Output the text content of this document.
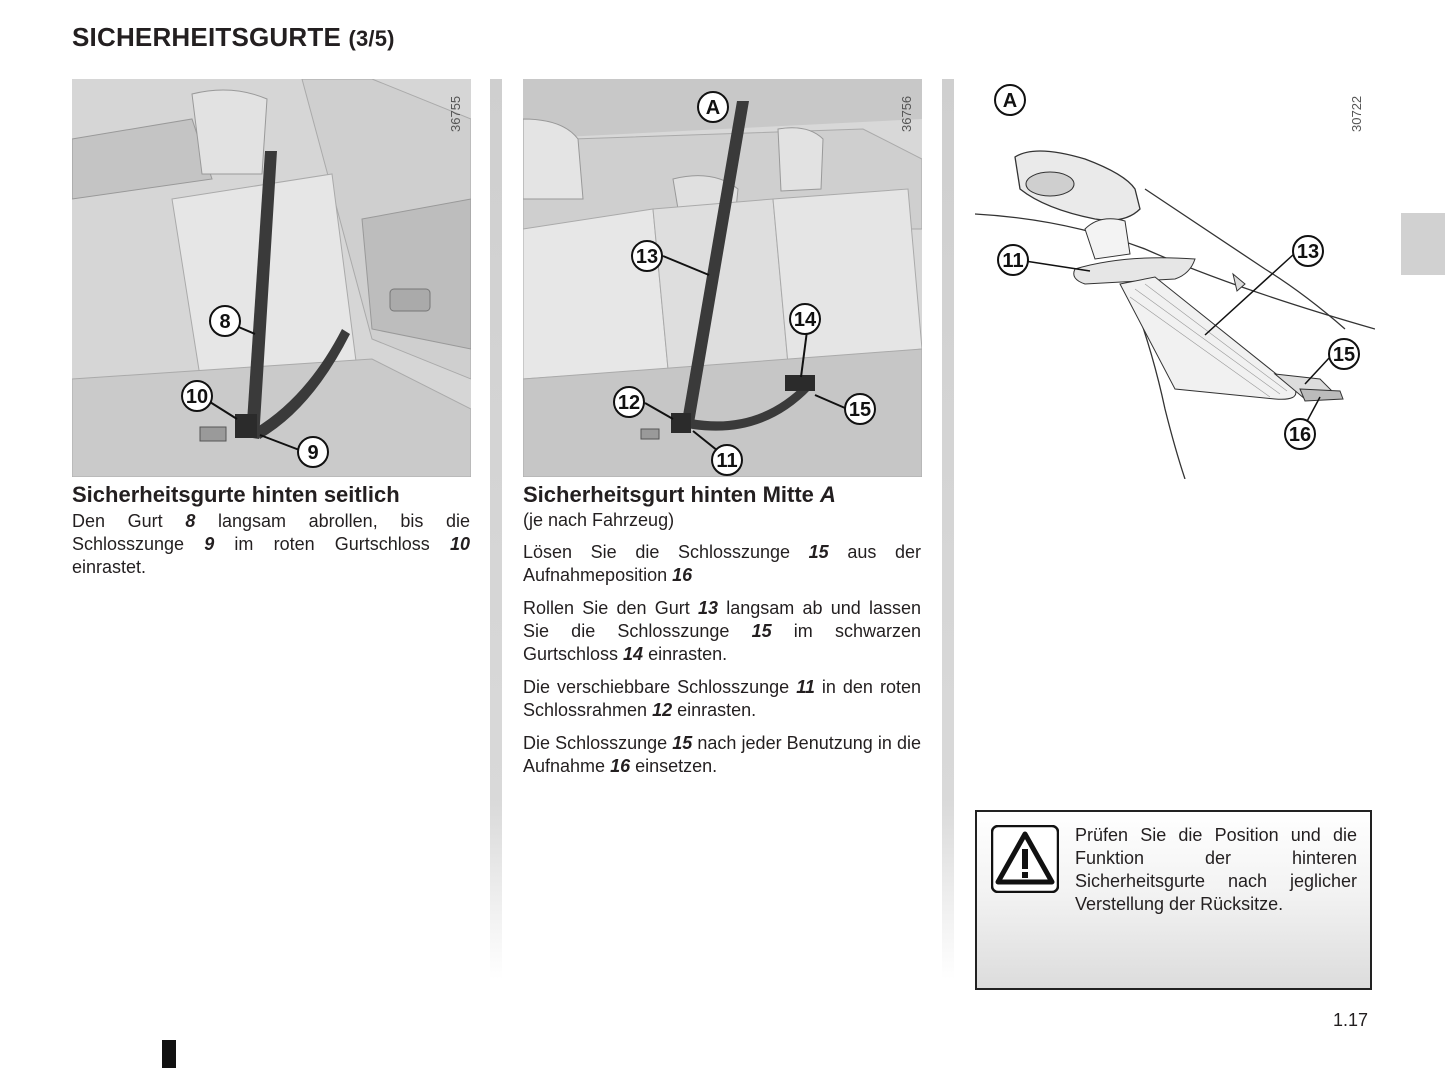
SICHERHEITSGURTE (3/5)
8
10
9
36755	A
13
14
12	15
11
36756	A
11	13
15
16
30722
Sicherheitsgurte hinten seitlich

Den Gurt 8 langsam abrollen, bis die Schlosszunge 9 im roten Gurtschloss 10 einrastet.

Sicherheitsgurt hinten Mitte A
(je nach Fahrzeug)

Lösen Sie die Schlosszunge 15 aus der Aufnahmeposition 16

Rollen Sie den Gurt 13 langsam ab und lassen Sie die Schlosszunge 15 im schwarzen Gurtschloss 14 einrasten.

Die verschiebbare Schlosszunge 11 in den roten Schlossrahmen 12 einrasten.

Die Schlosszunge 15 nach jeder Benutzung in die Aufnahme 16 einsetzen.

Prüfen Sie die Position und die Funktion der hinteren Sicherheitsgurte nach jeglicher Verstellung der Rücksitze.
1.17
